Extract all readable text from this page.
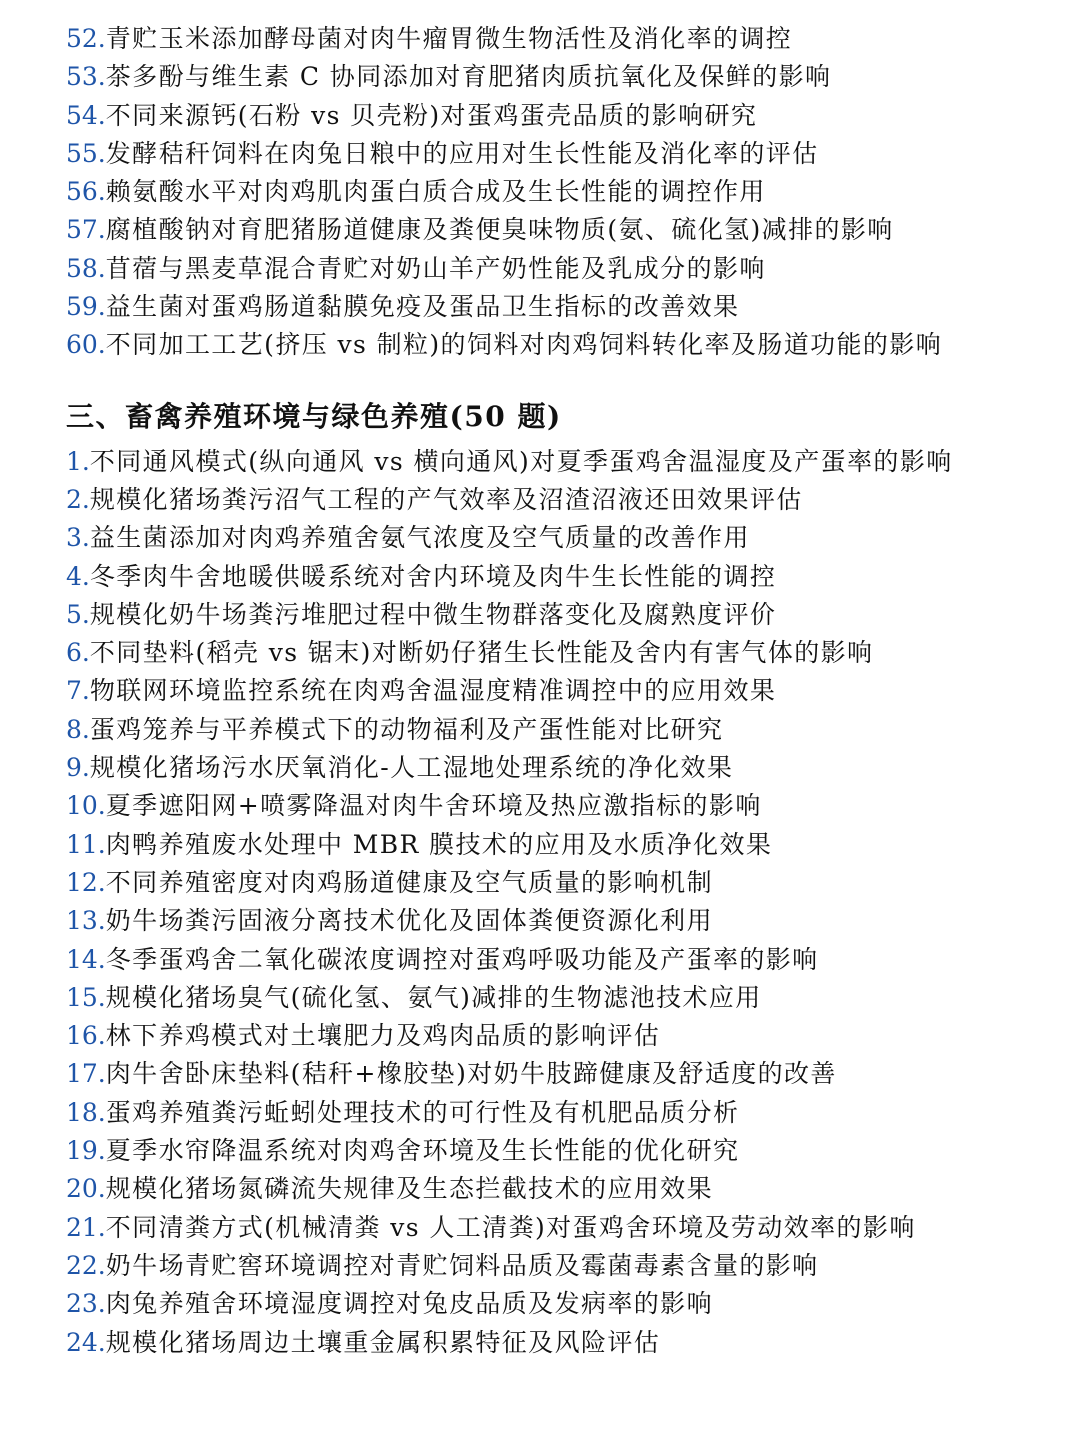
52. 青贮玉米添加酵母菌对肉牛瘤胃微生物活性及消化率的调控
53. 茶多酚与维生素 C 协同添加对育肥猪肉质抗氧化及保鲜的影响
54. 不同来源钙(石粉 vs 贝壳粉)对蛋鸡蛋壳品质的影响研究
55. 发酵秸秆饲料在肉兔日粮中的应用对生长性能及消化率的评估
56. 赖氨酸水平对肉鸡肌肉蛋白质合成及生长性能的调控作用
57. 腐植酸钠对育肥猪肠道健康及粪便臭味物质(氨、硫化氢)减排的影响
58. 苜蓿与黑麦草混合青贮对奶山羊产奶性能及乳成分的影响
59. 益生菌对蛋鸡肠道黏膜免疫及蛋品卫生指标的改善效果
60. 不同加工工艺(挤压 vs 制粒)的饲料对肉鸡饲料转化率及肠道功能的影响
三、畜禽养殖环境与绿色养殖(50 题)
1. 不同通风模式(纵向通风 vs 横向通风)对夏季蛋鸡舍温湿度及产蛋率的影响
2. 规模化猪场粪污沼气工程的产气效率及沼渣沼液还田效果评估
3. 益生菌添加对肉鸡养殖舍氨气浓度及空气质量的改善作用
4. 冬季肉牛舍地暖供暖系统对舍内环境及肉牛生长性能的调控
5. 规模化奶牛场粪污堆肥过程中微生物群落变化及腐熟度评价
6. 不同垫料(稻壳 vs 锯末)对断奶仔猪生长性能及舍内有害气体的影响
7. 物联网环境监控系统在肉鸡舍温湿度精准调控中的应用效果
8. 蛋鸡笼养与平养模式下的动物福利及产蛋性能对比研究
9. 规模化猪场污水厌氧消化-人工湿地处理系统的净化效果
10. 夏季遮阳网+喷雾降温对肉牛舍环境及热应激指标的影响
11. 肉鸭养殖废水处理中 MBR 膜技术的应用及水质净化效果
12. 不同养殖密度对肉鸡肠道健康及空气质量的影响机制
13. 奶牛场粪污固液分离技术优化及固体粪便资源化利用
14. 冬季蛋鸡舍二氧化碳浓度调控对蛋鸡呼吸功能及产蛋率的影响
15. 规模化猪场臭气(硫化氢、氨气)减排的生物滤池技术应用
16. 林下养鸡模式对土壤肥力及鸡肉品质的影响评估
17. 肉牛舍卧床垫料(秸秆+橡胶垫)对奶牛肢蹄健康及舒适度的改善
18. 蛋鸡养殖粪污蚯蚓处理技术的可行性及有机肥品质分析
19. 夏季水帘降温系统对肉鸡舍环境及生长性能的优化研究
20. 规模化猪场氮磷流失规律及生态拦截技术的应用效果
21. 不同清粪方式(机械清粪 vs 人工清粪)对蛋鸡舍环境及劳动效率的影响
22. 奶牛场青贮窖环境调控对青贮饲料品质及霉菌毒素含量的影响
23. 肉兔养殖舍环境湿度调控对兔皮品质及发病率的影响
24. 规模化猪场周边土壤重金属积累特征及风险评估
